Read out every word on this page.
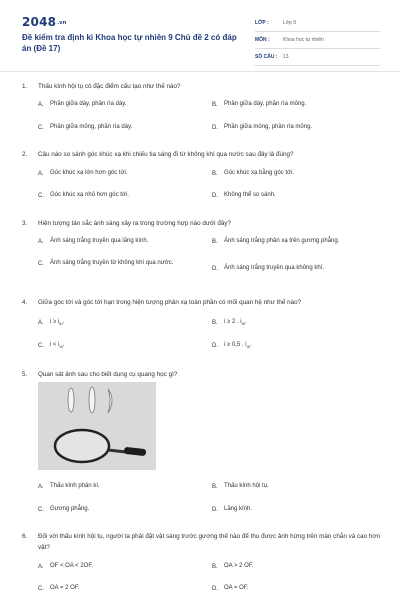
$2048^{.vn}$
Đề kiểm tra định kì Khoa học tự nhiên 9 Chủ đề 2 có đáp án (Đề 17)
LỚP :	Lớp 9
MÔN :	Khoa học tự nhiên
SỐ CÂU :	13
1.	Thấu kính hội tụ có đặc điểm cấu tạo như thế nào?
A.	Phần giữa dày, phần rìa dày.	B.	Phần giữa dày, phần rìa mỏng.
C.	Phần giữa mỏng, phần rìa dày.	D.	Phần giữa mỏng, phần rìa mỏng.
2.	Câu nào so sánh góc khúc xạ khi chiếu tia sáng đi từ không khí qua nước sau đây là đúng?
A.	Góc khúc xạ lớn hơn góc tới.	B.	Góc khúc xạ bằng góc tới.
C.	Góc khúc xạ nhỏ hơn góc tới.	D.	Không thể so sánh.
3.	Hiện tượng tán sắc ánh sáng xảy ra trong trường hợp nào dưới đây?
A.	Ánh sáng trắng truyền qua lăng kính.	B.	Ánh sáng trắng phản xạ trên gương phẳng.
C.	Ánh sáng trắng truyền từ không khí qua nước.
D.	Ánh sáng trắng truyền qua không khí.
4.	Giữa góc tới và góc tới hạn trong hiện tượng phản xạ toàn phần có mối quan hệ như thế nào?
A.	$i \ge i_{th}$.	B.	i ≥ 2 . $i_{th}$.
C.	$i < i_{th}$.	D.	i ≥ 0,5 . $i_{th}$.
5.	Quan sát ảnh sau cho biết dụng cụ quang học gì?
A.	Thấu kính phân kì.	B.	Thấu kính hội tụ.
C.	Gương phẳng.	D.	Lăng kính.
6.	Đối với thấu kính hội tụ, người ta phải đặt vật sáng trước gương thế nào để thu được ảnh hứng trên màn chắn và cao hơn vật?
A.	OF < OA < 2OF.	B.	OA > 2 OF.
C.	OA = 2 OF.	D.	OA = OF.
